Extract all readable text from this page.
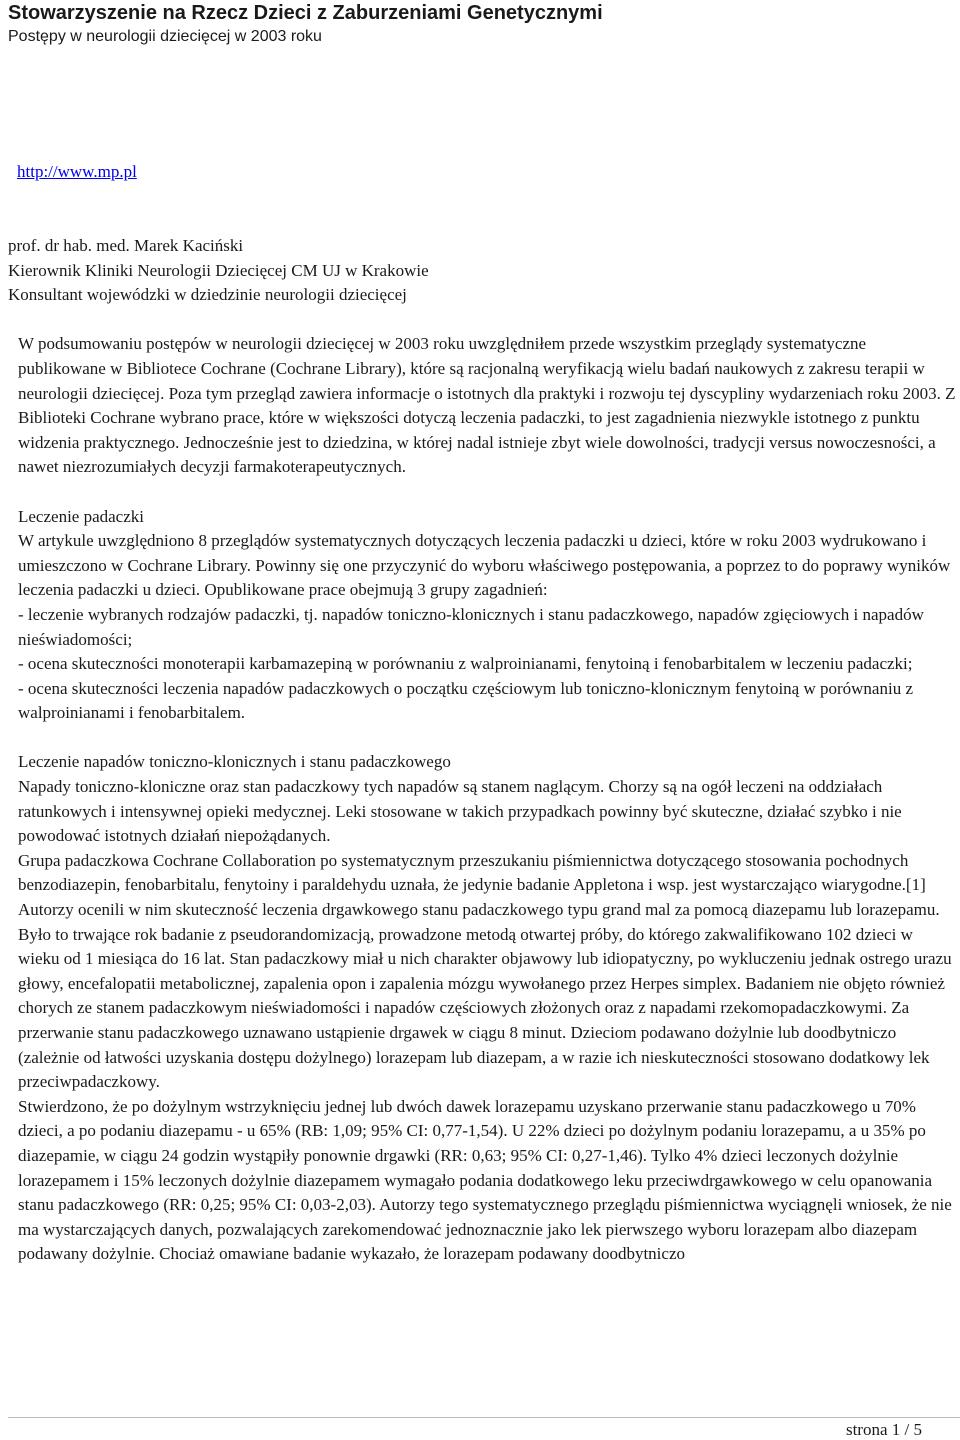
Stowarzyszenie na Rzecz Dzieci z Zaburzeniami Genetycznymi
Postępy w neurologii dziecięcej w 2003 roku
http://www.mp.pl

prof. dr hab. med. Marek Kaciński

Kierownik Kliniki Neurologii Dziecięcej CM UJ w Krakowie

Konsultant wojewódzki w dziedzinie neurologii dziecięcej

W podsumowaniu postępów w neurologii dziecięcej w 2003 roku uwzględniłem przede wszystkim przeglądy systematyczne publikowane w Bibliotece Cochrane (Cochrane Library), które są racjonalną weryfikacją wielu badań naukowych z zakresu terapii w neurologii dziecięcej. Poza tym przegląd zawiera informacje o istotnych dla praktyki i rozwoju tej dyscypliny wydarzeniach roku 2003. Z Biblioteki Cochrane wybrano prace, które w większości dotyczą leczenia padaczki, to jest zagadnienia niezwykle istotnego z punktu widzenia praktycznego. Jednocześnie jest to dziedzina, w której nadal istnieje zbyt wiele dowolności, tradycji versus nowoczesności, a nawet niezrozumiałych decyzji farmakoterapeutycznych.

Leczenie padaczki

W artykule uwzględniono 8 przeglądów systematycznych dotyczących leczenia padaczki u dzieci, które w roku 2003 wydrukowano i umieszczono w Cochrane Library. Powinny się one przyczynić do wyboru właściwego postępowania, a poprzez to do poprawy wyników leczenia padaczki u dzieci. Opublikowane prace obejmują 3 grupy zagadnień:

- leczenie wybranych rodzajów padaczki, tj. napadów toniczno-klonicznych i stanu padaczkowego, napadów zgięciowych i napadów nieświadomości;

- ocena skuteczności monoterapii karbamazepiną w porównaniu z walproinianami, fenytoiną i fenobarbitalem w leczeniu padaczki;

- ocena skuteczności leczenia napadów padaczkowych o początku częściowym lub toniczno-klonicznym fenytoiną w porównaniu z walproinianami i fenobarbitalem.

Leczenie napadów toniczno-klonicznych i stanu padaczkowego

Napady toniczno-kloniczne oraz stan padaczkowy tych napadów są stanem naglącym. Chorzy są na ogół leczeni na oddziałach ratunkowych i intensywnej opieki medycznej. Leki stosowane w takich przypadkach powinny być skuteczne, działać szybko i nie powodować istotnych działań niepożądanych.

Grupa padaczkowa Cochrane Collaboration po systematycznym przeszukaniu piśmiennictwa dotyczącego stosowania pochodnych benzodiazepin, fenobarbitalu, fenytoiny i paraldehydu uznała, że jedynie badanie Appletona i wsp. jest wystarczająco wiarygodne.[1] Autorzy ocenili w nim skuteczność leczenia drgawkowego stanu padaczkowego typu grand mal za pomocą diazepamu lub lorazepamu. Było to trwające rok badanie z pseudorandomizacją, prowadzone metodą otwartej próby, do którego zakwalifikowano 102 dzieci w wieku od 1 miesiąca do 16 lat. Stan padaczkowy miał u nich charakter objawowy lub idiopatyczny, po wykluczeniu jednak ostrego urazu głowy, encefalopatii metabolicznej, zapalenia opon i zapalenia mózgu wywołanego przez Herpes simplex. Badaniem nie objęto również chorych ze stanem padaczkowym nieświadomości i napadów częściowych złożonych oraz z napadami rzekomopadaczkowymi. Za przerwanie stanu padaczkowego uznawano ustąpienie drgawek w ciągu 8 minut. Dzieciom podawano dożylnie lub doodbytniczo (zależnie od łatwości uzyskania dostępu dożylnego) lorazepam lub diazepam, a w razie ich nieskuteczności stosowano dodatkowy lek przeciwpadaczkowy.

Stwierdzono, że po dożylnym wstrzyknięciu jednej lub dwóch dawek lorazepamu uzyskano przerwanie stanu padaczkowego u 70% dzieci, a po podaniu diazepamu - u 65% (RB: 1,09; 95% CI: 0,77-1,54). U 22% dzieci po dożylnym podaniu lorazepamu, a u 35% po diazepamie, w ciągu 24 godzin wystąpiły ponownie drgawki (RR: 0,63; 95% CI: 0,27-1,46). Tylko 4% dzieci leczonych dożylnie lorazepamem i 15% leczonych dożylnie diazepamem wymagało podania dodatkowego leku przeciwdrgawkowego w celu opanowania stanu padaczkowego (RR: 0,25; 95% CI: 0,03-2,03). Autorzy tego systematycznego przeglądu piśmiennictwa wyciągnęli wniosek, że nie ma wystarczających danych, pozwalających zarekomendować jednoznacznie jako lek pierwszego wyboru lorazepam albo diazepam podawany dożylnie. Chociaż omawiane badanie wykazało, że lorazepam podawany doodbytniczo

strona 1 / 5
